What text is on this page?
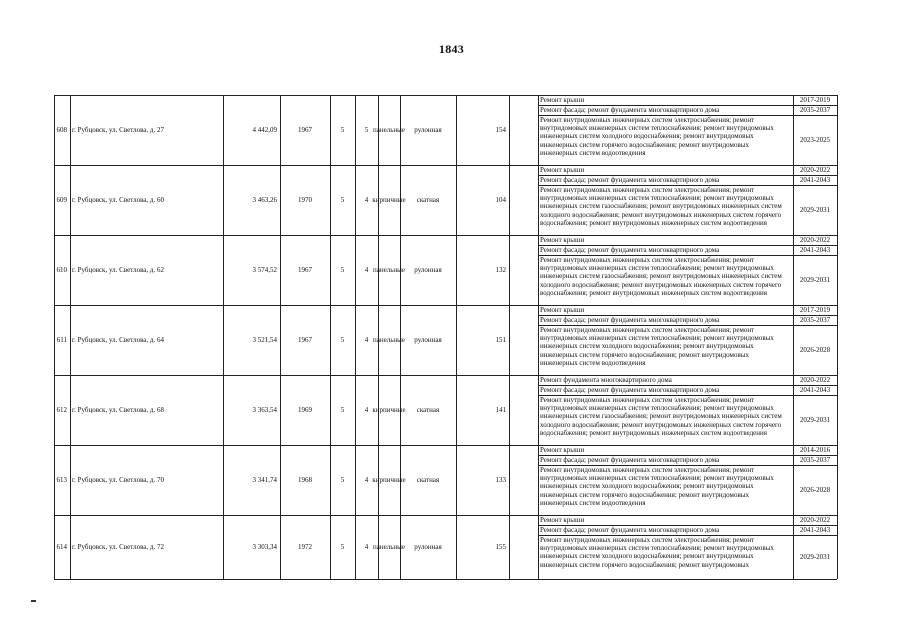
1843
608 г. Рубцовск, ул. Светлова, д. 27	4 442,09	1967	5	5 панельные	рулонная	154
Ремонт крыши	2017-2019
Ремонт фасада; ремонт фундамента многоквартирного дома	2035-2037
Ремонт внутридомовых инженерных систем электроснабжения; ремонт
внутридомовых инженерных систем теплоснабжения; ремонт внутридомовых
инженерных систем холодного водоснабжения; ремонт внутридомовых
инженерных систем горячего водоснабжения; ремонт внутридомовых
инженерных систем водоотведения
2023-2025
609 г. Рубцовск, ул. Светлова, д. 60	3 463,26	1970	5	4 кирпичные	скатная	104
Ремонт крыши	2020-2022
Ремонт фасада; ремонт фундамента многоквартирного дома	2041-2043
Ремонт внутридомовых инженерных систем электроснабжения; ремонт
внутридомовых инженерных систем теплоснабжения; ремонт внутридомовых
инженерных систем газоснабжения; ремонт внутридомовых инженерных систем
холодного водоснабжения; ремонт внутридомовых инженерных систем горячего
водоснабжения; ремонт внутридомовых инженерных систем водоотведения
2029-2031
610 г. Рубцовск, ул. Светлова, д. 62	3 574,52	1967	5	4 панельные	рулонная	132
Ремонт крыши	2020-2022
Ремонт фасада; ремонт фундамента многоквартирного дома	2041-2043
Ремонт внутридомовых инженерных систем электроснабжения; ремонт
внутридомовых инженерных систем теплоснабжения; ремонт внутридомовых
инженерных систем газоснабжения; ремонт внутридомовых инженерных систем
холодного водоснабжения; ремонт внутридомовых инженерных систем горячего
водоснабжения; ремонт внутридомовых инженерных систем водоотведения
2029-2031
611 г. Рубцовск, ул. Светлова, д. 64	3 521,54	1967	5	4 панельные	рулонная	151
Ремонт крыши	2017-2019
Ремонт фасада; ремонт фундамента многоквартирного дома	2035-2037
Ремонт внутридомовых инженерных систем электроснабжения; ремонт
внутридомовых инженерных систем теплоснабжения; ремонт внутридомовых
инженерных систем холодного водоснабжения; ремонт внутридомовых
инженерных систем горячего водоснабжения; ремонт внутридомовых
инженерных систем водоотведения
2026-2028
612 г. Рубцовск, ул. Светлова, д. 68	3 363,54	1969	5	4 кирпичные	скатная	141
Ремонт фундамента многоквартирного дома	2020-2022
Ремонт фасада; ремонт фундамента многоквартирного дома	2041-2043
Ремонт внутридомовых инженерных систем электроснабжения; ремонт
внутридомовых инженерных систем теплоснабжения; ремонт внутридомовых
инженерных систем газоснабжения; ремонт внутридомовых инженерных систем
холодного водоснабжения; ремонт внутридомовых инженерных систем горячего
водоснабжения; ремонт внутридомовых инженерных систем водоотведения
2029-2031
613 г. Рубцовск, ул. Светлова, д. 70	3 341,74	1968	5	4 кирпичные	скатная	133
Ремонт крыши	2014-2016
Ремонт фасада; ремонт фундамента многоквартирного дома	2035-2037
Ремонт внутридомовых инженерных систем электроснабжения; ремонт
внутридомовых инженерных систем теплоснабжения; ремонт внутридомовых
инженерных систем холодного водоснабжения; ремонт внутридомовых
инженерных систем горячего водоснабжения; ремонт внутридомовых
инженерных систем водоотведения
2026-2028
614 г. Рубцовск, ул. Светлова, д. 72	3 303,34	1972	5	4 панельные	рулонная	155
Ремонт крыши	2020-2022
Ремонт фасада; ремонт фундамента многоквартирного дома	2041-2043
Ремонт внутридомовых инженерных систем электроснабжения; ремонт
внутридомовых инженерных систем теплоснабжения; ремонт внутридомовых
инженерных систем холодного водоснабжения; ремонт внутридомовых
инженерных систем горячего водоснабжения; ремонт внутридомовых
2029-2031
